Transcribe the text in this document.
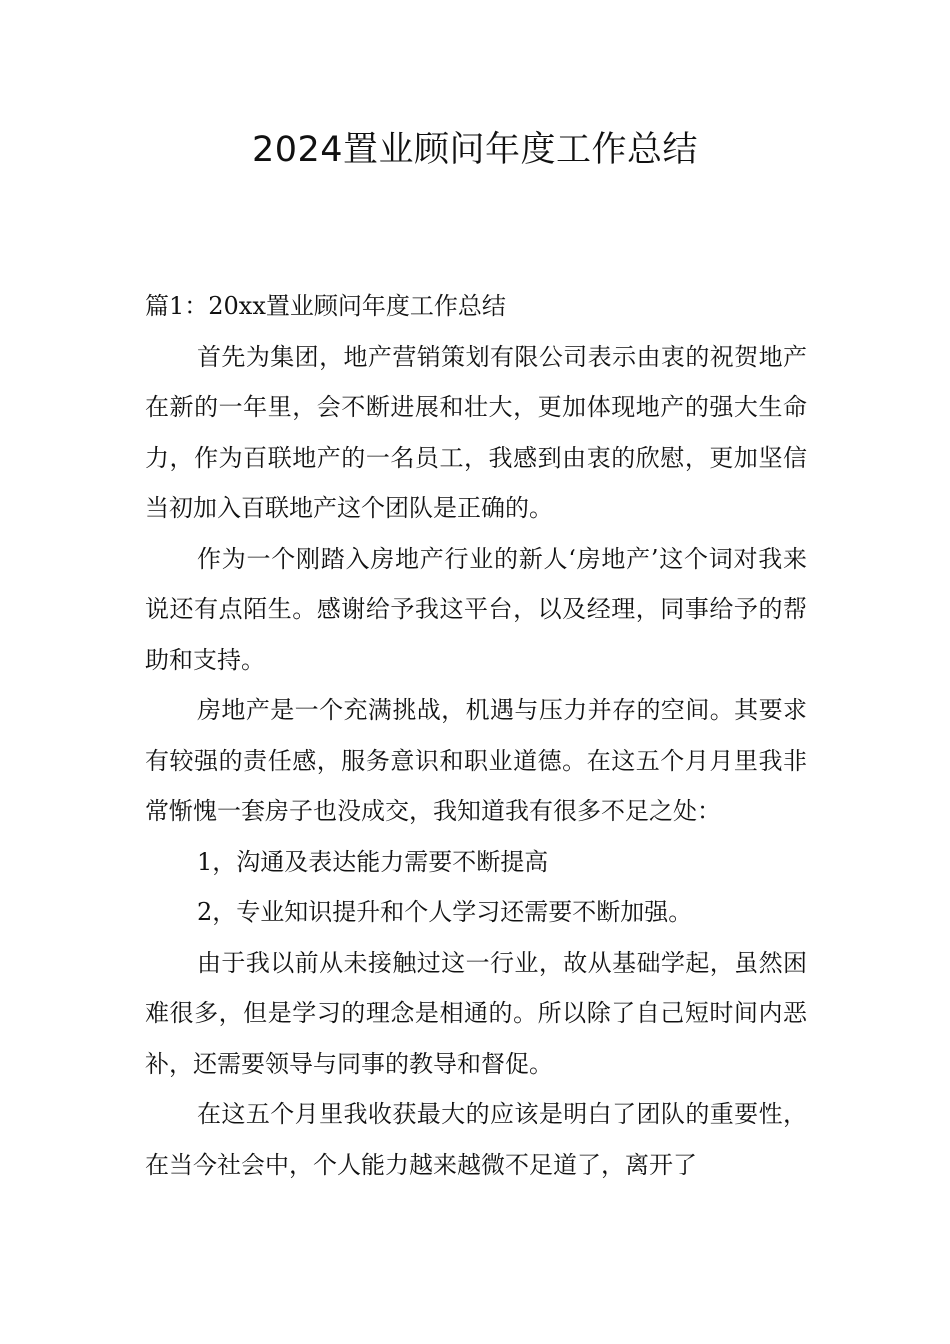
2024置业顾问年度工作总结

篇1：20xx置业顾问年度工作总结

首先为集团，地产营销策划有限公司表示由衷的祝贺地产在新的一年里，会不断进展和壮大，更加体现地产的强大生命力，作为百联地产的一名员工，我感到由衷的欣慰，更加坚信当初加入百联地产这个团队是正确的。

作为一个刚踏入房地产行业的新人‘房地产’这个词对我来说还有点陌生。感谢给予我这平台，以及经理，同事给予的帮助和支持。

房地产是一个充满挑战，机遇与压力并存的空间。其要求有较强的责任感，服务意识和职业道德。在这五个月月里我非常惭愧一套房子也没成交，我知道我有很多不足之处：

1，沟通及表达能力需要不断提高

2，专业知识提升和个人学习还需要不断加强。

由于我以前从未接触过这一行业，故从基础学起，虽然困难很多，但是学习的理念是相通的。所以除了自己短时间内恶补，还需要领导与同事的教导和督促。

在这五个月里我收获最大的应该是明白了团队的重要性，在当今社会中，个人能力越来越微不足道了，离开了
